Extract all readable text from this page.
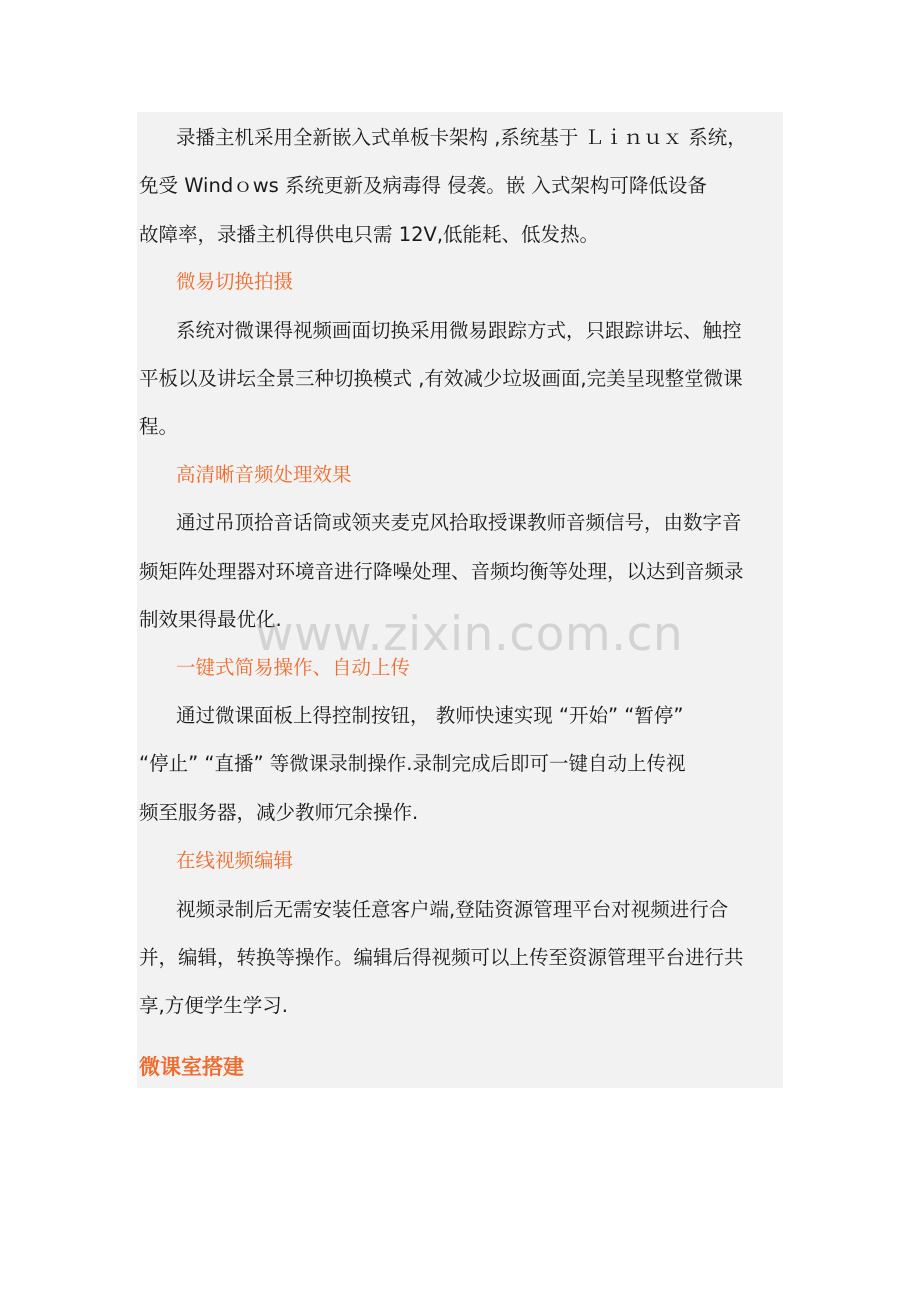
录播主机采用全新嵌入式单板卡架构 ,系统基于 Ｌｉｎｕｘ 系统，
免受 Windｏws 系统更新及病毒得 侵袭。嵌 入式架构可降低设备
故障率，录播主机得供电只需 12V,低能耗、低发热。
微易切换拍摄
系统对微课得视频画面切换采用微易跟踪方式，只跟踪讲坛、触控
平板以及讲坛全景三种切换模式 ,有效减少垃圾画面,完美呈现整堂微课
程。
高清晰音频处理效果
通过吊顶拾音话筒或领夹麦克风拾取授课教师音频信号，由数字音
频矩阵处理器对环境音进行降噪处理、音频均衡等处理，以达到音频录
制效果得最优化.
一键式简易操作、自动上传
通过微课面板上得控制按钮， 教师快速实现 “开始” “暂停”
“停止” “直播” 等微课录制操作.录制完成后即可一键自动上传视
频至服务器，减少教师冗余操作.
在线视频编辑
视频录制后无需安装任意客户端,登陆资源管理平台对视频进行合
并，编辑，转换等操作。编辑后得视频可以上传至资源管理平台进行共
享,方便学生学习.
微课室搭建
www.zixin.com.cn
